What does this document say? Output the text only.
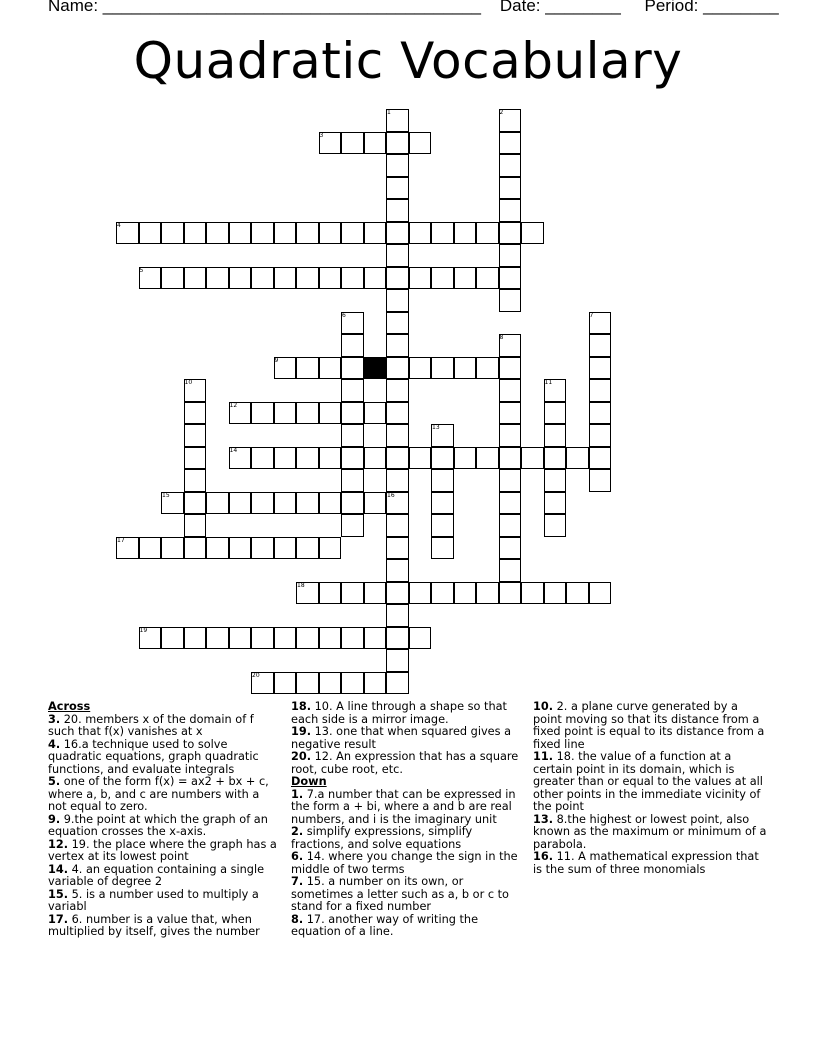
Name: ________________________________________ Date: ________ Period: ________
Quadratic Vocabulary
1	2
3
4
5
6	7
8
9
10	11
12
13
14
15	16
17
18
19
20
Across
3. 20. members x of the domain of f such that f(x) vanishes at x
4. 16.a technique used to solve quadratic equations, graph quadratic functions, and evaluate integrals
5. one of the form f(x) = ax2 + bx + c, where a, b, and c are numbers with a not equal to zero.
9. 9.the point at which the graph of an equation crosses the x-axis.
12. 19. the place where the graph has a vertex at its lowest point
14. 4. an equation containing a single variable of degree 2
15. 5. is a number used to multiply a variabl
17. 6. number is a value that, when multiplied by itself, gives the number
18. 10. A line through a shape so that each side is a mirror image.
19. 13. one that when squared gives a negative result
20. 12. An expression that has a square root, cube root, etc.
Down
1. 7.a number that can be expressed in the form a + bi, where a and b are real numbers, and i is the imaginary unit
2. simplify expressions, simplify fractions, and solve equations
6. 14. where you change the sign in the middle of two terms
7. 15. a number on its own, or sometimes a letter such as a, b or c to stand for a fixed number
8. 17. another way of writing the equation of a line.
10. 2. a plane curve generated by a point moving so that its distance from a fixed point is equal to its distance from a fixed line
11. 18. the value of a function at a certain point in its domain, which is greater than or equal to the values at all other points in the immediate vicinity of the point
13. 8.the highest or lowest point, also known as the maximum or minimum of a parabola.
16. 11. A mathematical expression that is the sum of three monomials
